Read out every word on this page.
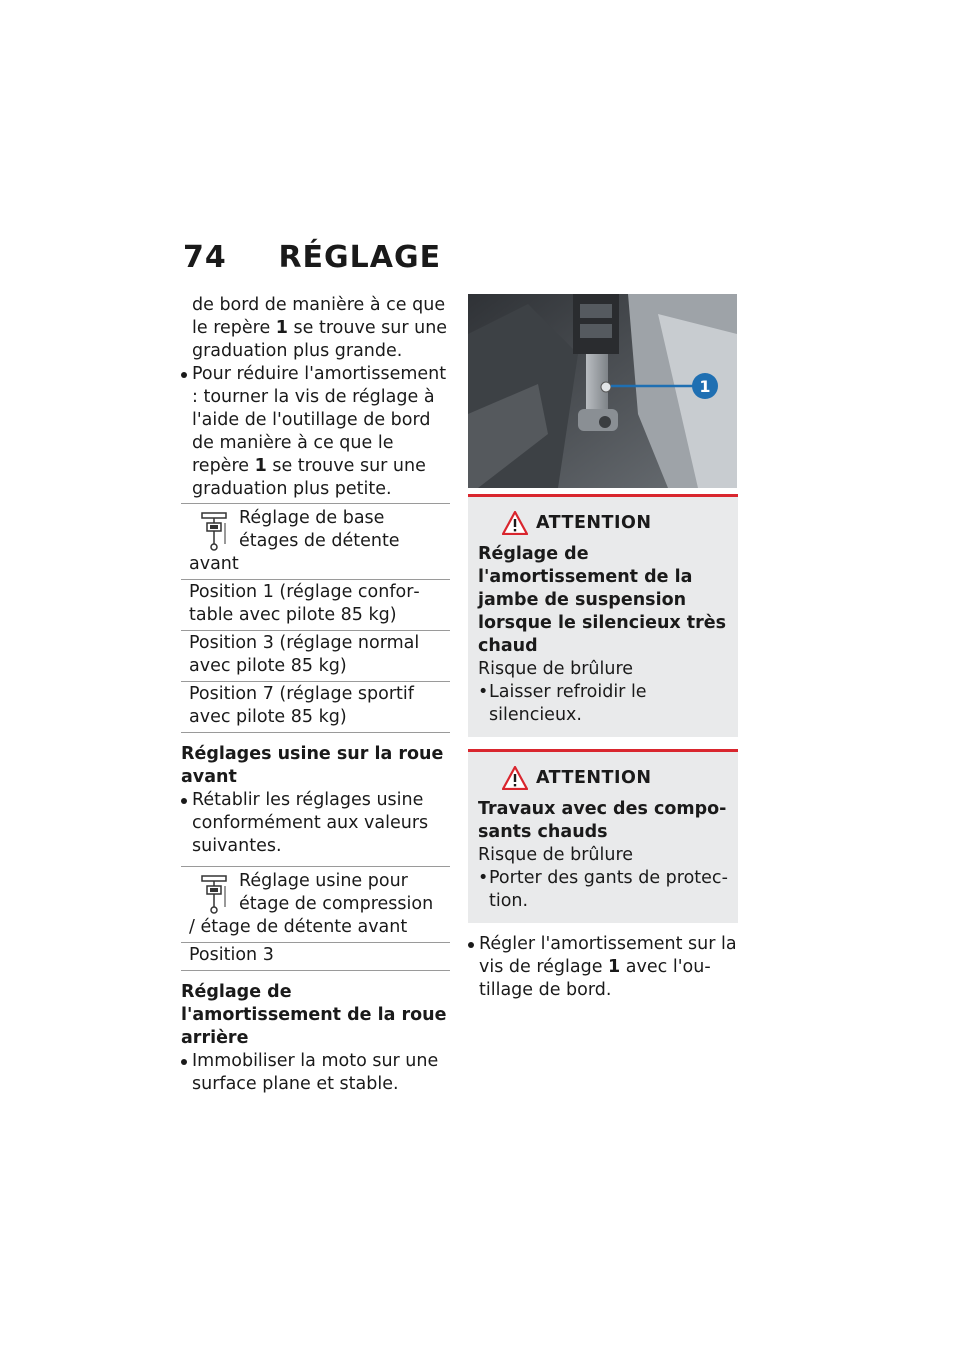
74 RÉGLAGE

de bord de manière à ce que le repère 1 se trouve sur une graduation plus grande.

Pour réduire l'amortissement : tourner la vis de réglage à l'aide de l'outillage de bord de manière à ce que le repère 1 se trouve sur une graduation plus petite.

Réglage de base étages de détente avant
Position 1 (réglage confortable avec pilote 85 kg)
Position 3 (réglage normal avec pilote 85 kg)
Position 7 (réglage sportif avec pilote 85 kg)

Réglages usine sur la roue avant

Rétablir les réglages usine conformément aux valeurs suivantes.

Réglage usine pour étage de compression / étage de détente avant
Position 3

Réglage de l'amortissement de la roue arrière

Immobiliser la moto sur une surface plane et stable.

1
ATTENTION

Réglage de l'amortissement de la jambe de suspension lorsque le silencieux très chaud

Risque de brûlure

• Laisser refroidir le silencieux.

ATTENTION

Travaux avec des composants chauds

Risque de brûlure

• Porter des gants de protection.

Régler l'amortissement sur la vis de réglage 1 avec l'outillage de bord.
